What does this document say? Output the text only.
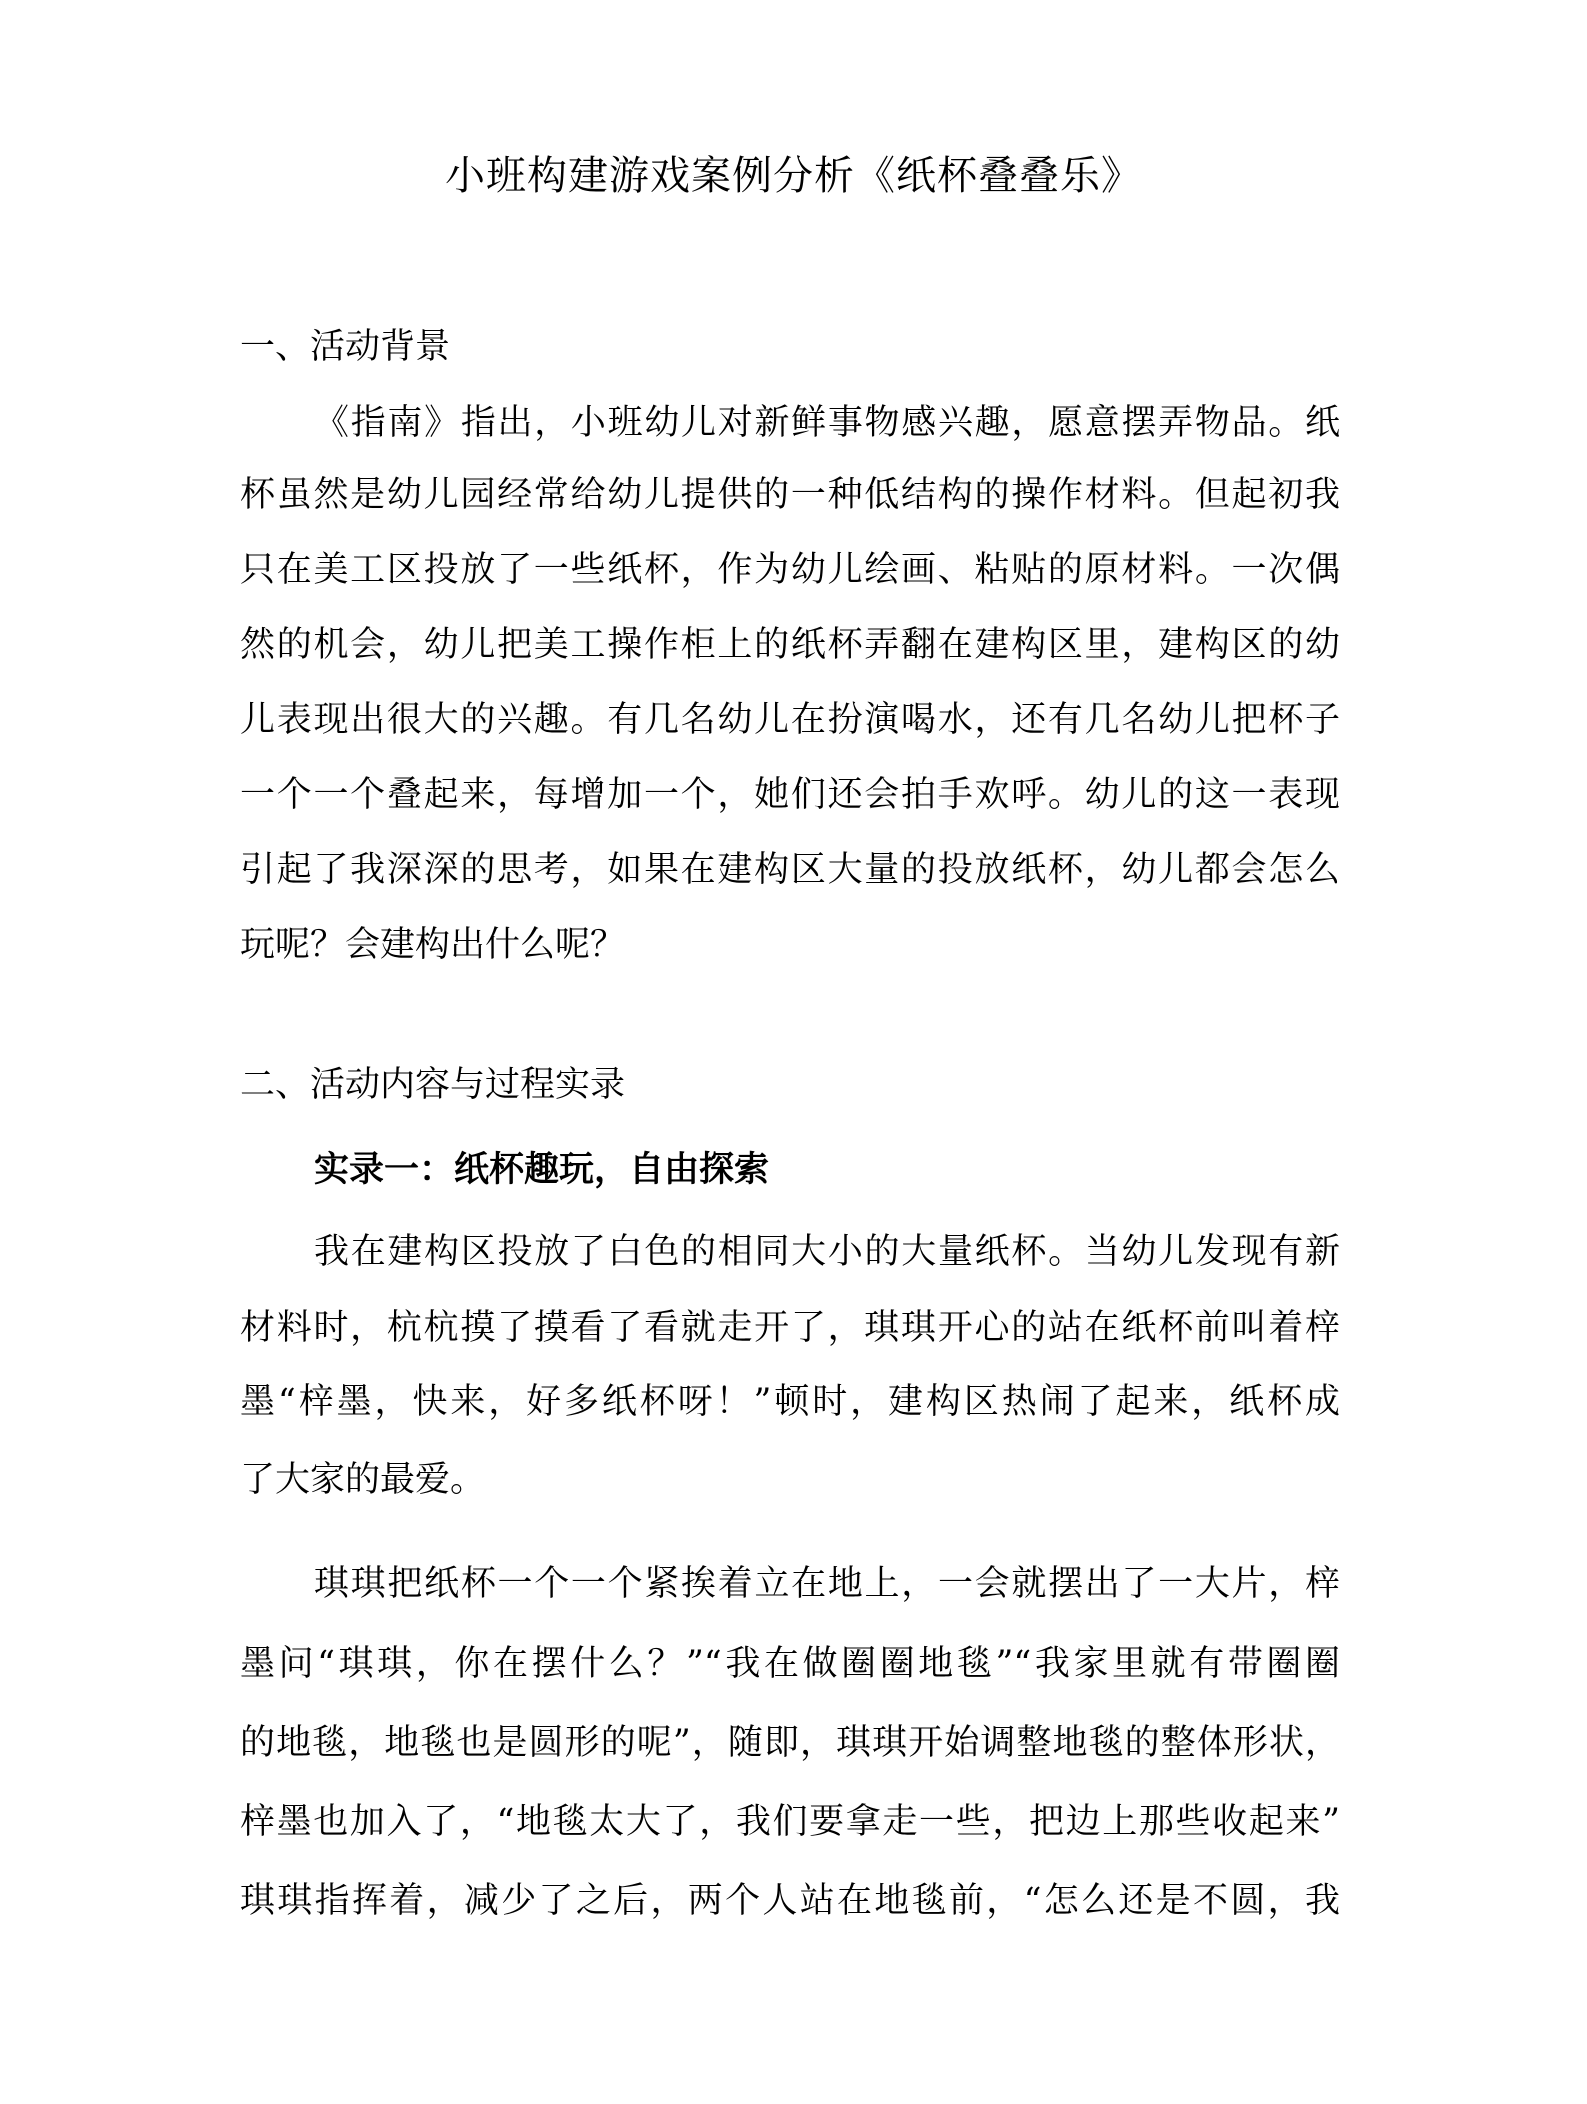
小班构建游戏案例分析《纸杯叠叠乐》
一、活动背景
《指南》指出，小班幼儿对新鲜事物感兴趣，愿意摆弄物品。纸
杯虽然是幼儿园经常给幼儿提供的一种低结构的操作材料。但起初我
只在美工区投放了一些纸杯，作为幼儿绘画、粘贴的原材料。一次偶
然的机会，幼儿把美工操作柜上的纸杯弄翻在建构区里，建构区的幼
儿表现出很大的兴趣。有几名幼儿在扮演喝水，还有几名幼儿把杯子
一个一个叠起来，每增加一个，她们还会拍手欢呼。幼儿的这一表现
引起了我深深的思考，如果在建构区大量的投放纸杯，幼儿都会怎么
玩呢？会建构出什么呢？
二、活动内容与过程实录
实录一：纸杯趣玩，自由探索
我在建构区投放了白色的相同大小的大量纸杯。当幼儿发现有新
材料时，杭杭摸了摸看了看就走开了，琪琪开心的站在纸杯前叫着梓
墨“梓墨，快来，好多纸杯呀！”顿时，建构区热闹了起来，纸杯成
了大家的最爱。
琪琪把纸杯一个一个紧挨着立在地上，一会就摆出了一大片，梓
墨问“琪琪，你在摆什么？”“我在做圈圈地毯”“我家里就有带圈圈
的地毯，地毯也是圆形的呢”，随即，琪琪开始调整地毯的整体形状，
梓墨也加入了，“地毯太大了，我们要拿走一些，把边上那些收起来”
琪琪指挥着，减少了之后，两个人站在地毯前，“怎么还是不圆，我
